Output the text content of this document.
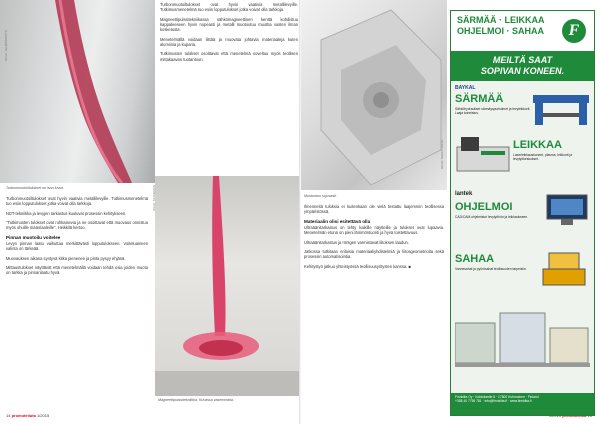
KUVA: LEHMÄKORTTI
Turbonmuotoiltulokset on ison luvun.

Turbonmuotoiltulokset ovat hyvin vaativia metallilevyille. Tutkimusmenetelmä tuo esiin lopputulokset jotka voivat olla tarkkoja.

NDT-tekniikka ja levyjen tarkastus kuuluvat prosessin kehitykseen.

"Tutkimusten tulokset ovat rohkaisevia ja ne osoittavat että muovaus onnistuu myös ohuille materiaaleille", Heikkilä kertoo.

Pinnan muotoilu voitelee

Levyn pinnan laatu vaikuttaa merkittävästi lopputulokseen. Voiteluaineen valinta on tärkeää.

Muovauksen aikana syntyvä kitka pienenee ja pinta pysyy ehjänä.

Mittaustulokset näyttävät että menetelmällä voidaan tehdä osia joiden muoto on tarkka ja pinnanlaatu hyvä.

Turbonmuotoiltulokset ovat hyvin vaativia metallilevyille. Tutkimusmenetelmä tuo esiin lopputulokset jotka voivat olla tarkkoja.

Magneettipulssitekniikassa sähkömagneettinen kenttä kohdistuu kappaleeseen hyvin nopeasti ja metalli muotoutuu muottia vasten ilman kosketusta.

Menetelmällä voidaan liittää ja muovata johtavia materiaaleja kuten alumiinia ja kuparia.

Tutkimusten tulokset osoittavat että menetelmä soveltuu myös teollisen mittakaavan tuotantoon.

KUVA: STADEMAS
Magneettipulssitekniikka. Kuvassa vasemmalla.
14 promoteiluta 1/2015
KUVA: TEKSTI KUVA
Muotoutuu sujuvasti.

Ilmenneitä tuloksia ei kuitenkaan ole vielä testattu laajemmin teollisessa ympäristössä.

Materiaalin olisi esitettävä olla

Ultraäänitarkastus on tehty kaikille näytteille ja tulokset ovat lupaavia. Menetelmän etuna on pieni lämmöntuonti ja hyvä toistettavuus.

Ultraäänitarkastus ja röntgen varmistavat liitoksen laadun.

Jatkossa tutkitaan erilaisia materiaaliyhdistelmiä ja liitosgeometrioita sekä prosessin automatisointia.

Kehitystyö jatkuu yhteistyössä teollisuusyritysten kanssa. ■

SÄRMÄÄ · LEIKKAA
OHJELMOI · SAHAA	F
MEILTÄ SAAT
SOPIVAN KONEEN.
BAYKAL
SÄRMÄÄ
Sähköhydrauliset särmäyspuristimet ja levyleikkurit. Laaja koneistus.
LEIKKAA
Laserleikkauskoneet, plasma, leikkurit ja levytyökeskukset.
lantek
OHJELMOI
CAD/CAM-ohjelmistot levytyöhön ja leikkaukseen.
SAHAA
Vannesahat ja pyörösahat teollisuuden tarpeisiin.
Finnkilta Oy · Kokkolantie 8 · 17800 Kuhmoinen · Finland
+358 40 7755 781 · info@finnkilta.fi · www.finnkilta.fi
